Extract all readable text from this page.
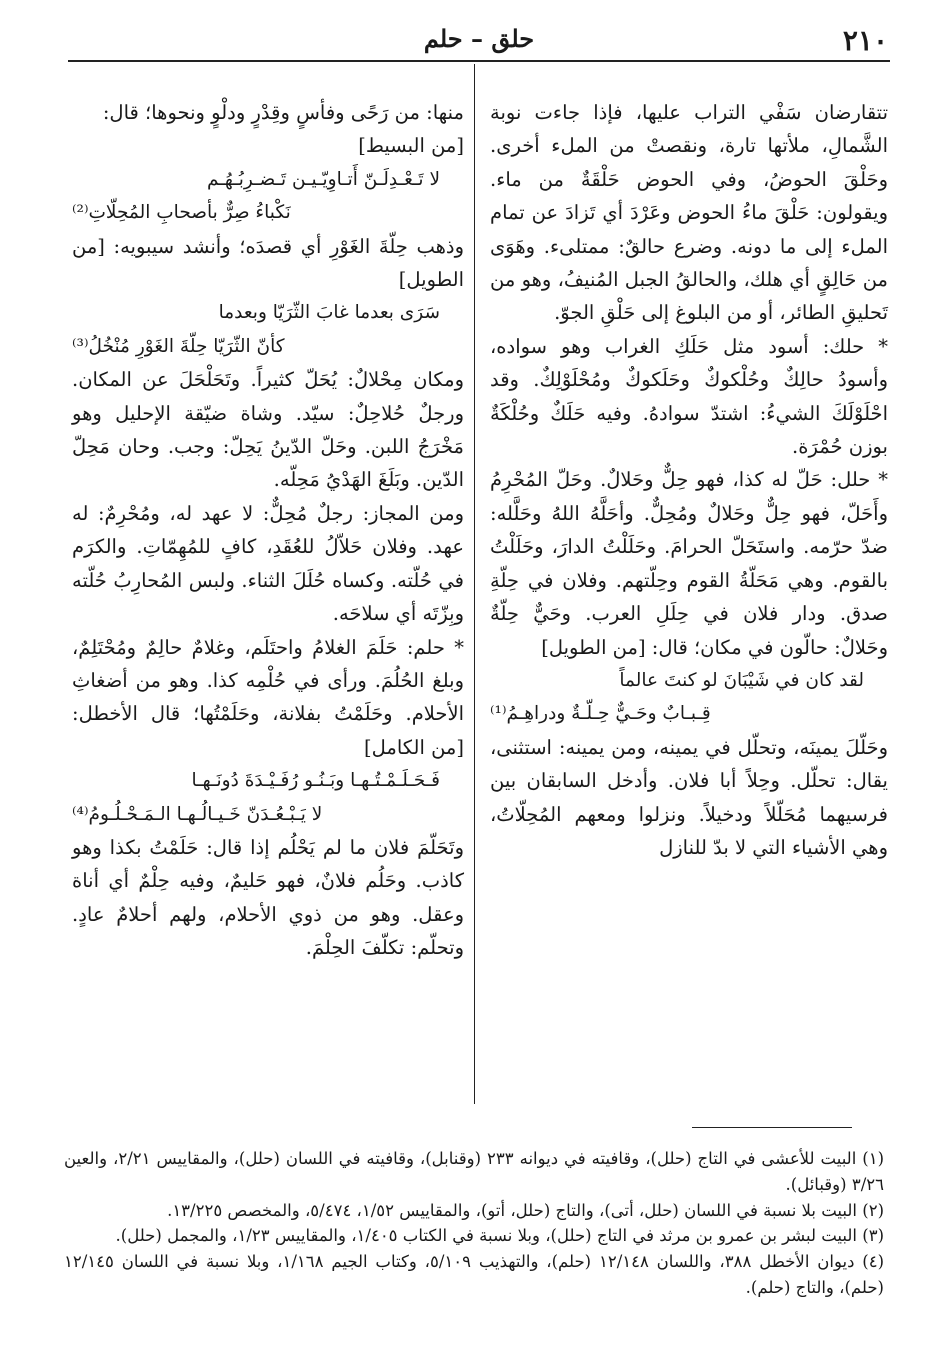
٢١٠
حلق – حلم

تتقارضان سَفْي التراب عليها، فإذا جاءت نوبة الشَّمالِ، ملأتها تارة، ونقصتْ من الملء أخرى. وحَلْقَ الحوضُ، وفي الحوض حَلْقَةٌ من ماء. ويقولون: حَلْقَ ماءُ الحوض وعَرْدَ أي تَزادَ عن تمام الملء إلى ما دونه. وضرع حالقٌ: ممتلىء. وهَوَى من حَالِقٍ أي هلك، والحالقُ الجبل المُنيفُ، وهو من تَحليقِ الطائر، أو من البلوغ إلى حَلْقِ الجوّ.

* حلك: أسود مثل حَلَكِ الغراب وهو سواده، وأسودُ حالِكٌ وحُلْكوكٌ وحَلَكوكٌ ومُحْلَوْلِكٌ. وقد احْلَوْلَكَ الشيءُ: اشتدّ سوادهُ. وفيه حَلَكٌ وحُلْكَةٌ بوزن حُمْرَة.

* حلل: حَلّ له كذا، فهو حِلٌّ وحَلالٌ. وحَلّ المُحْرِمُ وأَحَلّ، فهو حِلٌّ وحَلالٌ ومُحِلٌّ. وأحَلَّهُ اللهُ وحَلَّله: ضدّ حرّمه. واستَحَلّ الحرامَ. وحَلَلْتُ الدارَ، وحَلَلْتُ بالقوم. وهي مَحَلّةُ القوم وحِلّتهم. وفلان في حِلّةِ صدق. ودار فلان في حِلَلِ العرب. وحَيٌّ حِلّةٌ وحَلالٌ: حالّون في مكان؛ قال: [من الطويل]

لقد كان في شَيْبَانَ لو كنتَ عالماً
قِـبـابٌ وحَـيٌّ حِـلّـةٌ ودراهِـمُ⁽¹⁾

وحَلّلَ يمينَه، وتحلّل في يمينه، ومن يمينه: استثنى، يقال: تحلّل. وحِلاً أبا فلان. وأدخل السابقان بين فرسيهما مُحَلّلاً ودخيلاً. ونزلوا ومعهم المُحِلّاتُ، وهي الأشياء التي لا بدّ للنازل

منها: من رَحًى وفأسٍ وقِدْرٍ ودلْوٍ ونحوها؛ قال:

[من البسيط]
لا تَـعْـدِلَـنّ أَتـاوِيّـيـن تَـضـرِبُـهُـم
نَكْباءُ صِرٌّ بأصحابِ المُحِلّاتِ⁽²⁾

وذهب حِلّةَ الغَوْرِ أي قصدَه؛ وأنشد سيبويه: [من الطويل]

سَرَى بعدما غابَ الثّرَيّا وبعدما
كأنّ الثّرَيّا حِلّةَ الغَوْرِ مُنْخُلُ⁽³⁾

ومكان مِحْلالٌ: يُحَلّ كثيراً. وتَحَلْحَلَ عن المكان. ورجلٌ حُلاحِلٌ: سيّد. وشاة ضيّقة الإحليل وهو مَخْرَجُ اللبن. وحَلّ الدّينُ يَحِلّ: وجب. وحان مَحِلّ الدّين. وبَلَغَ الهَدْيُ مَحِلّه.

ومن المجاز: رجلٌ مُحِلٌّ: لا عهد له، ومُحْرِمٌ: له عهد. وفلان حَلاّلُ للعُقَدِ، كافٍ للمُهِمّاتِ. والكرَم في حُلّته. وكساه حُلَلَ الثناء. ولبس المُحارِبُ حُلّته وبِزّتَه أي سلاحَه.

* حلم: حَلَمَ الغلامُ واحتَلَم، وغلامٌ حالِمٌ ومُحْتَلِمٌ، وبلغ الحُلُمَ. ورأى في حُلْمِه كذا. وهو من أضغاثِ الأحلام. وحَلَمْتُ بفلانة، وحَلَمْتُها؛ قال الأخطل: [من الكامل]

فَـحَـلَـمْـتُـهـا وبَـنُـو رُفَـيْـدَةَ دُونَـهـا
لا يَـبْـعُـدَنّ خَـيـالُـهـا الـمَـحْـلُـومُ⁽⁴⁾

وتَحَلّمَ فلان ما لم يَحْلُم إذا قال: حَلَمْتُ بكذا وهو كاذب. وحَلُم فلانٌ، فهو حَليمٌ، وفيه حِلْمٌ أي أناة وعقل. وهو من ذوي الأحلام، ولهم أحلامٌ عادٍ. وتحلّم: تكلّفَ الحِلْمَ.

(١) البيت للأعشى في التاج (حلل)، وقافيته في ديوانه ٢٣٣ (وقنابل)، وقافيته في اللسان (حلل)، والمقاييس ٢/٢١، والعين ٣/٢٦ (وقبائل).

(٢) البيت بلا نسبة في اللسان (حلل، أتى)، والتاج (حلل، أتو)، والمقاييس ١/٥٢، ٥/٤٧٤، والمخصص ١٣/٢٢٥.

(٣) البيت لبشر بن عمرو بن مرثد في التاج (حلل)، وبلا نسبة في الكتاب ١/٤٠٥، والمقاييس ١/٢٣، والمجمل (حلل).

(٤) ديوان الأخطل ٣٨٨، واللسان ١٢/١٤٨ (حلم)، والتهذيب ٥/١٠٩، وكتاب الجيم ١/١٦٨، وبلا نسبة في اللسان ١٢/١٤٥ (حلم)، والتاج (حلم).
